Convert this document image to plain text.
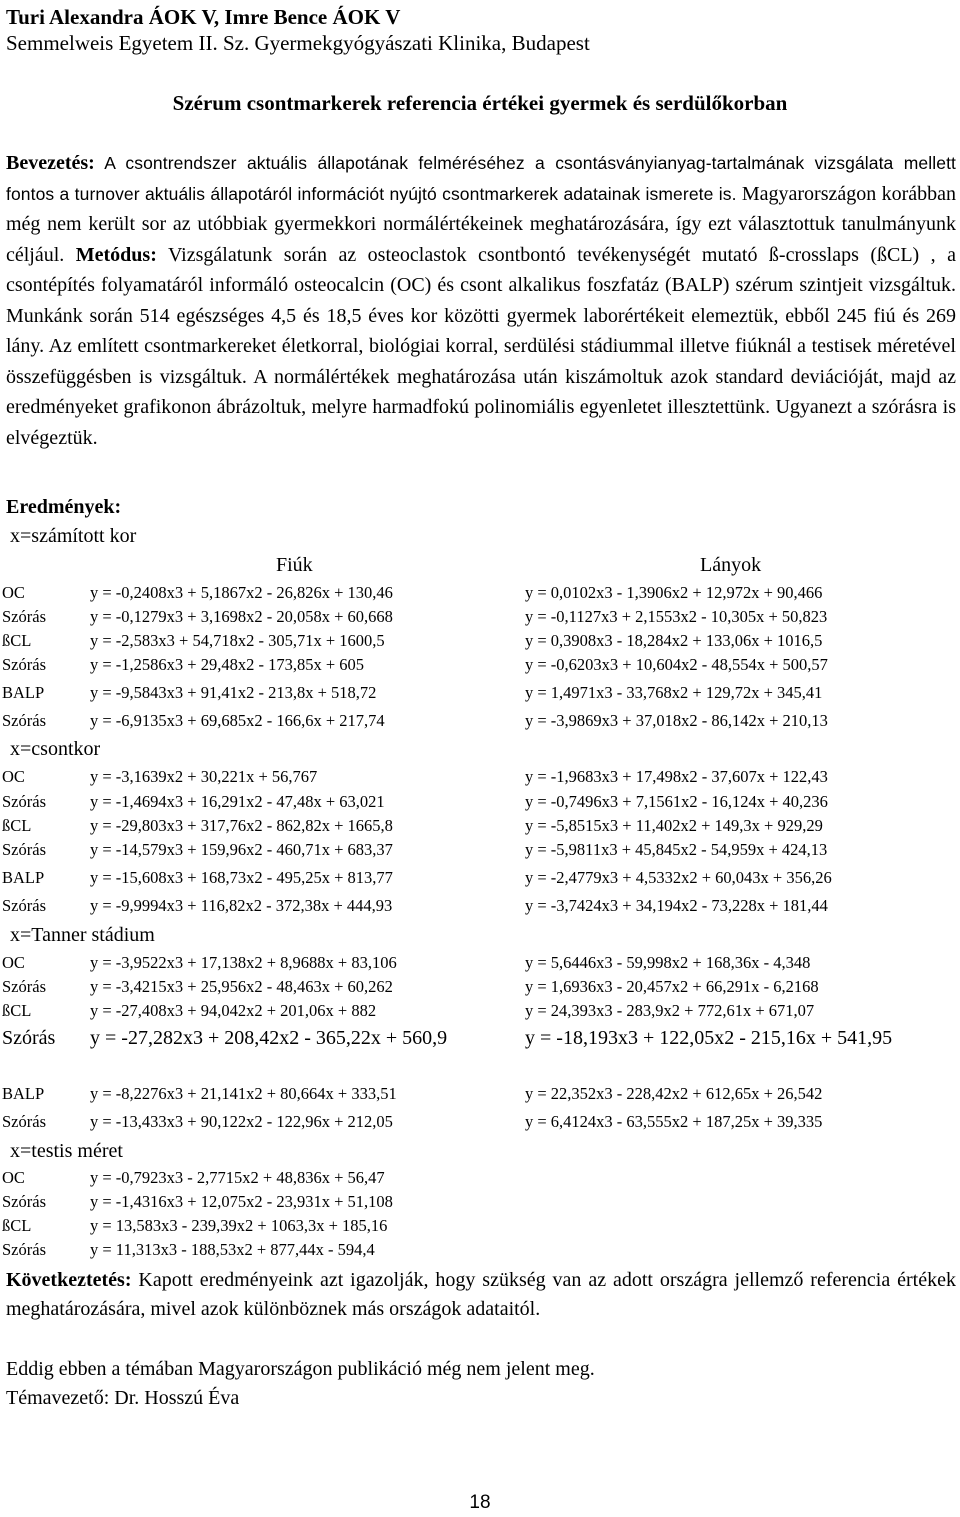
Turi Alexandra ÁOK V, Imre Bence ÁOK V
Semmelweis Egyetem II. Sz. Gyermekgyógyászati Klinika, Budapest
Szérum csontmarkerek referencia értékei gyermek és serdülőkorban
Bevezetés: A csontrendszer aktuális állapotának felméréséhez a csontásványianyag-tartalmának vizsgálata mellett fontos a turnover aktuális állapotáról információt nyújtó csontmarkerek adatainak ismerete is. Magyarországon korábban még nem került sor az utóbbiak gyermekkori normálértékeinek meghatározására, így ezt választottuk tanulmányunk céljául. Metódus: Vizsgálatunk során az osteoclastok csontbontó tevékenységét mutató ß-crosslaps (ßCL) , a csontépítés folyamatáról informáló osteocalcin (OC) és csont alkalikus foszfatáz (BALP) szérum szintjeit vizsgáltuk. Munkánk során 514 egészséges 4,5 és 18,5 éves kor közötti gyermek laborértékeit elemeztük, ebből 245 fiú és 269 lány. Az említett csontmarkereket életkorral, biológiai korral, serdülési stádiummal illetve fiúknál a testisek méretével összefüggésben is vizsgáltuk. A normálértékek meghatározása után kiszámoltuk azok standard deviációját, majd az eredményeket grafikonon ábrázoltuk, melyre harmadfokú polinomiális egyenletet illesztettünk. Ugyanezt a szórásra is elvégeztük.
Eredmények:
x=számított kor
Fiúk	Lányok
OC	y = -0,2408x3 + 5,1867x2 - 26,826x + 130,46	y = 0,0102x3 - 1,3906x2 + 12,972x + 90,466
Szórás	y = -0,1279x3 + 3,1698x2 - 20,058x + 60,668	y = -0,1127x3 + 2,1553x2 - 10,305x + 50,823
ßCL	y = -2,583x3 + 54,718x2 - 305,71x + 1600,5	y = 0,3908x3 - 18,284x2 + 133,06x + 1016,5
Szórás	y = -1,2586x3 + 29,48x2 - 173,85x + 605	y = -0,6203x3 + 10,604x2 - 48,554x + 500,57
BALP	y = -9,5843x3 + 91,41x2 - 213,8x + 518,72	y = 1,4971x3 - 33,768x2 + 129,72x + 345,41
Szórás	y = -6,9135x3 + 69,685x2 - 166,6x + 217,74	y = -3,9869x3 + 37,018x2 - 86,142x + 210,13
x=csontkor
OC	y = -3,1639x2 + 30,221x + 56,767	y = -1,9683x3 + 17,498x2 - 37,607x + 122,43
Szórás	y = -1,4694x3 + 16,291x2 - 47,48x + 63,021	y = -0,7496x3 + 7,1561x2 - 16,124x + 40,236
ßCL	y = -29,803x3 + 317,76x2 - 862,82x + 1665,8	y = -5,8515x3 + 11,402x2 + 149,3x + 929,29
Szórás	y = -14,579x3 + 159,96x2 - 460,71x + 683,37	y = -5,9811x3 + 45,845x2 - 54,959x + 424,13
BALP	y = -15,608x3 + 168,73x2 - 495,25x + 813,77	y = -2,4779x3 + 4,5332x2 + 60,043x + 356,26
Szórás	y = -9,9994x3 + 116,82x2 - 372,38x + 444,93	y = -3,7424x3 + 34,194x2 - 73,228x + 181,44
x=Tanner stádium
OC	y = -3,9522x3 + 17,138x2 + 8,9688x + 83,106	y = 5,6446x3 - 59,998x2 + 168,36x - 4,348
Szórás	y = -3,4215x3 + 25,956x2 - 48,463x + 60,262	y = 1,6936x3 - 20,457x2 + 66,291x - 6,2168
ßCL	y = -27,408x3 + 94,042x2 + 201,06x + 882	y = 24,393x3 - 283,9x2 + 772,61x + 671,07
Szórás y = -27,282x3 + 208,42x2 - 365,22x + 560,9	y = -18,193x3 + 122,05x2 - 215,16x + 541,95
BALP	y = -8,2276x3 + 21,141x2 + 80,664x + 333,51	y = 22,352x3 - 228,42x2 + 612,65x + 26,542
Szórás	y = -13,433x3 + 90,122x2 - 122,96x + 212,05	y = 6,4124x3 - 63,555x2 + 187,25x + 39,335
x=testis méret
OC	y = -0,7923x3 - 2,7715x2 + 48,836x + 56,47
Szórás	y = -1,4316x3 + 12,075x2 - 23,931x + 51,108
ßCL	y = 13,583x3 - 239,39x2 + 1063,3x + 185,16
Szórás	y = 11,313x3 - 188,53x2 + 877,44x - 594,4
Következtetés: Kapott eredményeink azt igazolják, hogy szükség van az adott országra jellemző referencia értékek meghatározására, mivel azok különböznek más országok adataitól.
Eddig ebben a témában Magyarországon publikáció még nem jelent meg.
Témavezető: Dr. Hosszú Éva
18
